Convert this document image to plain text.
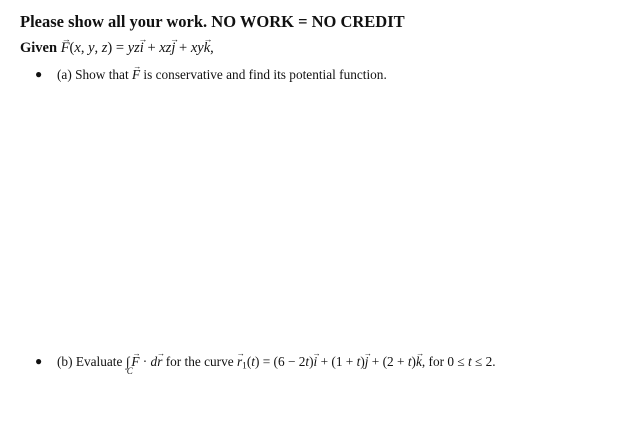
Please show all your work. NO WORK = NO CREDIT
Given → F(x, y, z) = yz→ i + xz→ j + xy→ k,
● (a) Show that → F is conservative and find its potential function.
● (b) Evaluate ∫
C
→ F · d→ r for the curve → $r_1(t) = (6 - 2t)\to i + (1 + t)\to j + (2 + t)\to k$, for 0 ≤ t ≤ 2.
